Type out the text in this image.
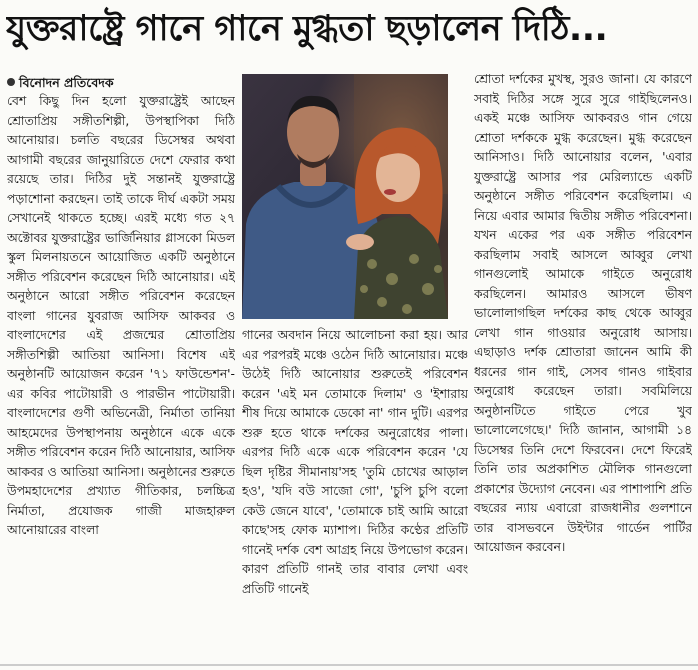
যুক্তরাষ্ট্রে গানে গানে মুগ্ধতা ছড়ালেন দিঠি...
বিনোদন প্রতিবেদক

বেশ কিছু দিন হলো যুক্তরাষ্ট্রেই আছেন শ্রোতাপ্রিয় সঙ্গীতশিল্পী, উপস্থাপিকা দিঠি আনোয়ার। চলতি বছরের ডিসেম্বর অথবা আগামী বছরের জানুয়ারিতে দেশে ফেরার কথা রয়েছে তার। দিঠির দুই সন্তানই যুক্তরাষ্ট্রে পড়াশোনা করছেন। তাই তাকে দীর্ঘ একটা সময় সেখানেই থাকতে হচ্ছে। এরই মধ্যে গত ২৭ অক্টোবর যুক্তরাষ্ট্রের ভার্জিনিয়ার গ্লাসকো মিডল স্কুল মিলনায়তনে আয়োজিত একটি অনুষ্ঠানে সঙ্গীত পরিবেশন করেছেন দিঠি আনোয়ার। এই অনুষ্ঠানে আরো সঙ্গীত পরিবেশন করেছেন বাংলা গানের যুবরাজ আসিফ আকবর ও বাংলাদেশের এই প্রজন্মের শ্রোতাপ্রিয় সঙ্গীতশিল্পী আতিয়া আনিসা। বিশেষ এই অনুষ্ঠানটি আয়োজন করেন '৭১ ফাউন্ডেশন'-এর কবির পাটোয়ারী ও পারভীন পাটোয়ারী। বাংলাদেশের গুণী অভিনেত্রী, নির্মাতা তানিয়া আহমেদের উপস্থাপনায় অনুষ্ঠানে একে একে সঙ্গীত পরিবেশন করেন দিঠি আনোয়ার, আসিফ আকবর ও আতিয়া আনিসা। অনুষ্ঠানের শুরুতে উপমহাদেশের প্রখ্যাত গীতিকার, চলচ্চিত্র নির্মাতা, প্রযোজক গাজী মাজহারুল আনোয়ারের বাংলা

গানের অবদান নিয়ে আলোচনা করা হয়। আর এর পরপরই মঞ্চে ওঠেন দিঠি আনোয়ার। মঞ্চে উঠেই দিঠি আনোয়ার শুরুতেই পরিবেশন করেন 'এই মন তোমাকে দিলাম' ও 'ইশারায় শীষ দিয়ে আমাকে ডেকো না' গান দুটি। এরপর শুরু হতে থাকে দর্শকের অনুরোধের পালা। এরপর দিঠি একে একে পরিবেশন করেন 'যে ছিল দৃষ্টির সীমানায়'সহ 'তুমি চোখের আড়াল হও', 'যদি বউ সাজো গো', 'চুপি চুপি বলো কেউ জেনে যাবে', 'তোমাকে চাই আমি আরো কাছে'সহ ফোক ম্যাশাপ। দিঠির কণ্ঠের প্রতিটি গানেই দর্শক বেশ আগ্রহ নিয়ে উপভোগ করেন। কারণ প্রতিটি গানই তার বাবার লেখা এবং প্রতিটি গানেই

শ্রোতা দর্শকের মুখস্থ, সুরও জানা। যে কারণে সবাই দিঠির সঙ্গে সুরে সুরে গাইছিলেনও। একই মঞ্চে আসিফ আকবরও গান গেয়ে শ্রোতা দর্শককে মুগ্ধ করেছেন। মুগ্ধ করেছেন আনিসাও। দিঠি আনোয়ার বলেন, 'এবার যুক্তরাষ্ট্রে আসার পর মেরিল্যান্ডে একটি অনুষ্ঠানে সঙ্গীত পরিবেশন করেছিলাম। এ নিয়ে এবার আমার দ্বিতীয় সঙ্গীত পরিবেশনা। যখন একের পর এক সঙ্গীত পরিবেশন করছিলাম সবাই আসলে আব্বুর লেখা গানগুলোই আমাকে গাইতে অনুরোধ করছিলেন। আমারও আসলে ভীষণ ভালোলাগছিল দর্শকের কাছ থেকে আব্বুর লেখা গান গাওয়ার অনুরোধ আসায়। এছাড়াও দর্শক শ্রোতারা জানেন আমি কী ধরনের গান গাই, সেসব গানও গাইবার অনুরোধ করেছেন তারা। সবমিলিয়ে অনুষ্ঠানটিতে গাইতে পেরে খুব ভালোলেগেছে।' দিঠি জানান, আগামী ১৪ ডিসেম্বর তিনি দেশে ফিরবেন। দেশে ফিরেই তিনি তার অপ্রকাশিত মৌলিক গানগুলো প্রকাশের উদ্যোগ নেবেন। এর পাশাপাশি প্রতি বছরের ন্যায় এবারো রাজধানীর গুলশানে তার বাসভবনে উইন্টার গার্ডেন পার্টির আয়োজন করবেন।
